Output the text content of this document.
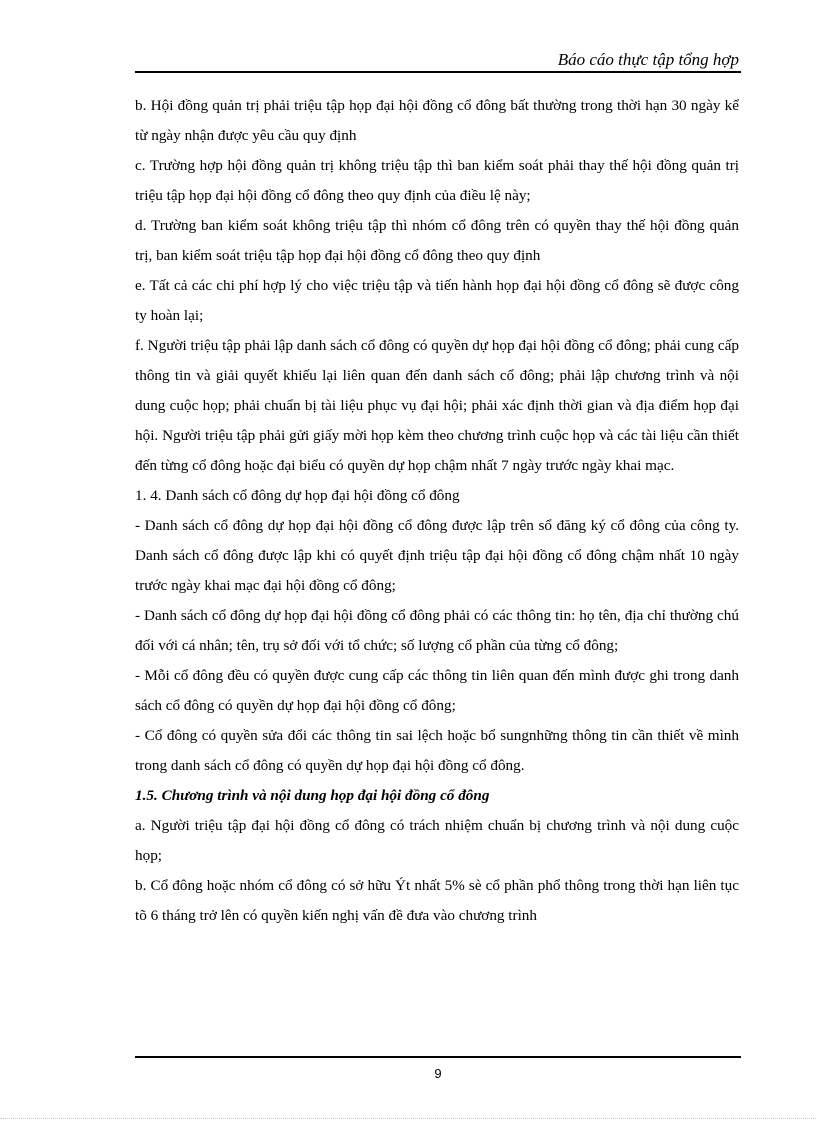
Báo cáo thực tập tổng hợp

b. Hội đồng quản trị phải triệu tập họp đại hội đồng cổ đông bất thường trong thời hạn 30 ngày kể từ ngày nhận được yêu cầu quy định

c. Trường hợp hội đồng quản trị không triệu tập thì ban kiểm soát phải thay thế hội đồng quản trị triệu tập họp đại hội đồng cổ đông theo quy định của điều lệ này;

d. Trường ban kiểm soát không triệu tập thì nhóm cổ đông trên có quyền thay thế hội đồng quản trị, ban kiểm soát triệu tập họp đại hội đồng cổ đông theo quy định

e. Tất cả các chi phí hợp lý cho việc triệu tập và tiến hành họp đại hội đồng cổ đông sẽ được công ty hoàn lại;

f. Người triệu tập phải lập danh sách cổ đông có quyền dự họp đại hội đồng cổ đông; phải cung cấp thông tin và giải quyết khiếu lại liên quan đến danh sách cổ đông; phải lập chương trình và nội dung cuộc họp; phải chuẩn bị tài liệu phục vụ đại hội; phải xác định thời gian và địa điểm họp đại hội. Người triệu tập phải gửi giấy mời họp kèm theo chương trình cuộc họp và các tài liệu cần thiết đến từng cổ đông hoặc đại biểu có quyền dự họp chậm nhất 7 ngày trước ngày khai mạc.

1. 4. Danh sách cổ đông dự họp đại hội đồng cổ đông

- Danh sách cổ đông dự họp đại hội đồng cổ đông được lập trên sổ đăng ký cổ đông của công ty. Danh sách cổ đông được lập khi có quyết định triệu tập đại hội đồng cổ đông chậm nhất 10 ngày trước ngày khai mạc đại hội đồng cổ đông;

- Danh sách cổ đông dự họp đại hội đồng cổ đông phải có các thông tin: họ tên, địa chỉ thường chú đối với cá nhân; tên, trụ sở đối với tổ chức; số lượng cổ phần của từng cổ đông;

- Mỗi cổ đông đều có quyền được cung cấp các thông tin liên quan đến mình được ghi trong danh sách cổ đông có quyền dự họp đại hội đồng cổ đông;

- Cổ đông có quyền sửa đổi các thông tin sai lệch hoặc bổ sungnhững thông tin cần thiết về mình trong danh sách cổ đông có quyền dự họp đại hội đồng cổ đông.

1.5. Chương trình và nội dung họp đại hội đồng cổ đông

a. Người triệu tập đại hội đồng cổ đông có trách nhiệm chuẩn bị chương trình và nội dung cuộc họp;

b. Cổ đông hoặc nhóm cổ đông có sở hữu Ýt nhất 5% sè cổ phần phổ thông trong thời hạn liên tục tõ 6 tháng trở lên có quyền kiến nghị vấn đề đưa vào chương trình

9
